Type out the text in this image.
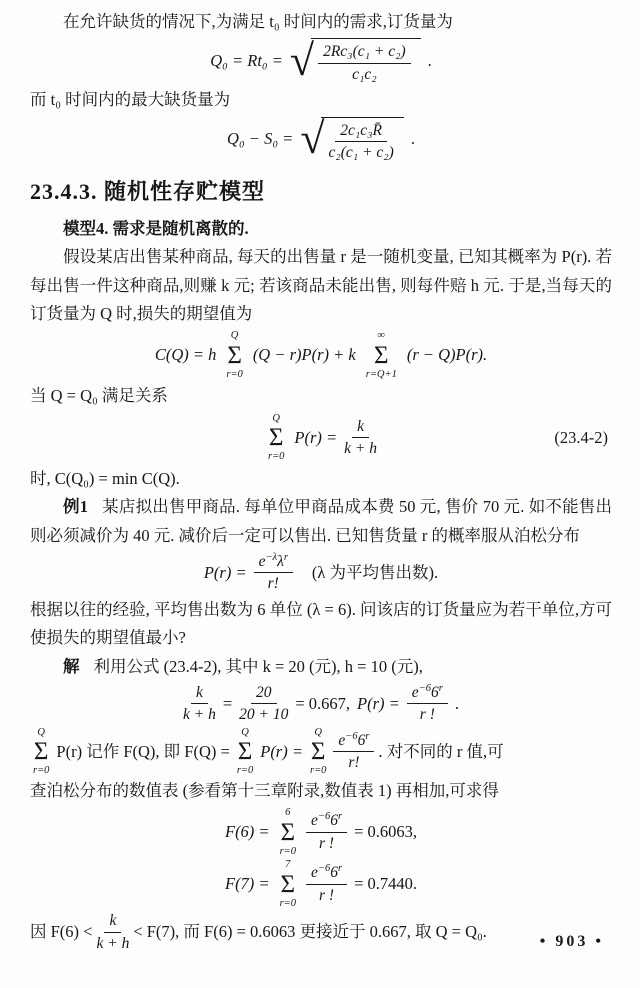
在允许缺货的情况下,为满足 t₀ 时间内的需求,订货量为

Q₀ = Rt₀ = √ $\frac{\text{2Rc₃(c₁ + c₂)}}{\text{c₁c₂}}$ .

而 t₀ 时间内的最大缺货量为

Q₀ − S₀ = √ $\frac{\text{2c₁c₃R̄}}{\text{c₂(c₁ + c₂)}}$ .
23.4.3. 随机性存贮模型

模型4. 需求是随机离散的.

假设某店出售某种商品, 每天的出售量 r 是一随机变量, 已知其概率为 P(r). 若每出售一件这种商品,则赚 k 元; 若该商品未能出售, 则每件赔 h 元. 于是,当每天的订货量为 Q 时,损失的期望值为

C(Q) = h
Q
Σ
r=0
(Q − r)P(r) + k
∞
Σ
r=Q+1
(r − Q)P(r).

当 Q = Q₀ 满足关系

Q
Σ
r=0
$P(r) = \frac{k}{k + h}$	(23.4-2)

时, C(Q₀) = min C(Q).

例1 某店拟出售甲商品. 每单位甲商品成本费 50 元, 售价 70 元. 如不能售出则必须减价为 40 元. 减价后一定可以售出. 已知售货量 r 的概率服从泊松分布

$P(r) = \frac{e^{-\lambda}\lambda^r}{r!} (\lambda$ 为平均售出数).

根据以往的经验, 平均售出数为 6 单位 (λ = 6). 问该店的订货量应为若干单位,方可使损失的期望值最小?

解 利用公式 (23.4-2), 其中 k = 20 (元), h = 10 (元),

$\frac{k}{k + h} = \frac{20}{20 + 10} = 0.667$, $P(r) = \frac{e^{-6}6^r}{r !}$ .

Q
Σ
r=0
P(r) 记作 F(Q), 即 F(Q) =
Q
Σ
r=0
P(r) =
Q
Σ
$r=0 \frac{e^{-6}6^r}{r!}$ . 对不同的 r 值,可

查泊松分布的数值表 (参看第十三章附录,数值表 1) 再相加,可求得

F(6) =
6
Σ
$r=0 \frac{e^{-6}6^r}{r !} = 0.6063$,
F(7) =
7
Σ
$r=0 \frac{e^{-6}6^r}{r !} = 0.7440$.

因 $F(6) < \frac{k}{k + h} < F(7)$, 而 F(6) = 0.6063 更接近于 0.667, 取 Q = Q₀.

• 903 •
